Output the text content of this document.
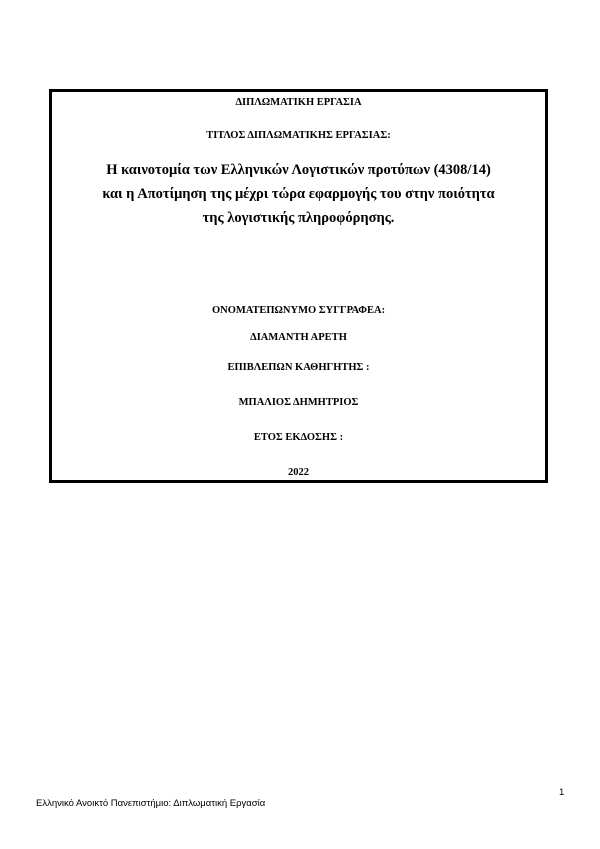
ΔΙΠΛΩΜΑΤΙΚΗ ΕΡΓΑΣΙΑ
ΤΙΤΛΟΣ ΔΙΠΛΩΜΑΤΙΚΗΣ ΕΡΓΑΣΙΑΣ:
Η καινοτομία των Ελληνικών Λογιστικών προτύπων (4308/14)
και η Αποτίμηση της μέχρι τώρα εφαρμογής του στην ποιότητα
της λογιστικής πληροφόρησης.
ΟΝΟΜΑΤΕΠΩΝΥΜΟ ΣΥΓΓΡΑΦΕΑ:
ΔΙΑΜΑΝΤΗ ΑΡΕΤΗ
ΕΠΙΒΛΕΠΩΝ ΚΑΘΗΓΗΤΗΣ :
ΜΠΑΛΙΟΣ ΔΗΜΗΤΡΙΟΣ
ΕΤΟΣ ΕΚΔΟΣΗΣ :
2022
1
Ελληνικό Ανοικτό Πανεπιστήμιο: Διπλωματική Εργασία
